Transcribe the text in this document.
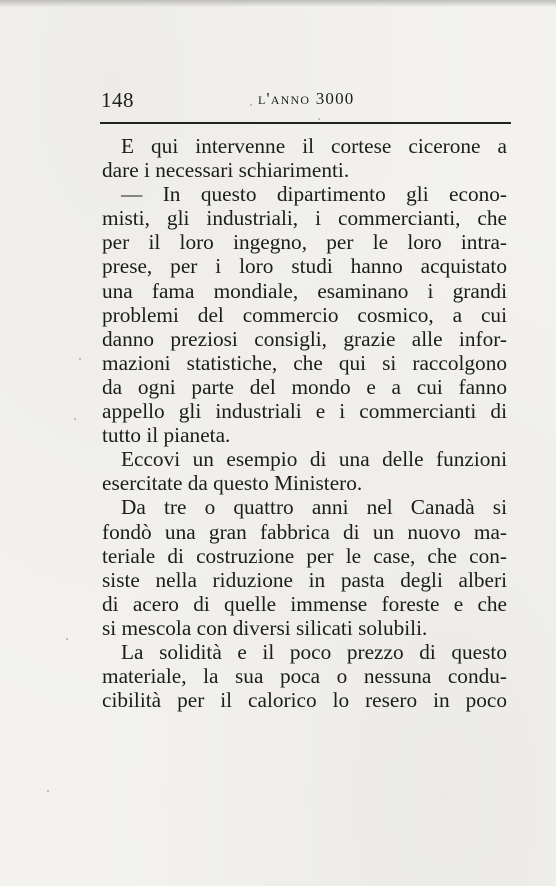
148	l'anno 3000
E qui intervenne il cortese cicerone a
dare i necessari schiarimenti.
— In questo dipartimento gli econo-
misti, gli industriali, i commercianti, che
per il loro ingegno, per le loro intra-
prese, per i loro studi hanno acquistato
una fama mondiale, esaminano i grandi
problemi del commercio cosmico, a cui
danno preziosi consigli, grazie alle infor-
mazioni statistiche, che qui si raccolgono
da ogni parte del mondo e a cui fanno
appello gli industriali e i commercianti di
tutto il pianeta.
Eccovi un esempio di una delle funzioni
esercitate da questo Ministero.
Da tre o quattro anni nel Canadà si
fondò una gran fabbrica di un nuovo ma-
teriale di costruzione per le case, che con-
siste nella riduzione in pasta degli alberi
di acero di quelle immense foreste e che
si mescola con diversi silicati solubili.
La solidità e il poco prezzo di questo
materiale, la sua poca o nessuna condu-
cibilità per il calorico lo resero in poco
